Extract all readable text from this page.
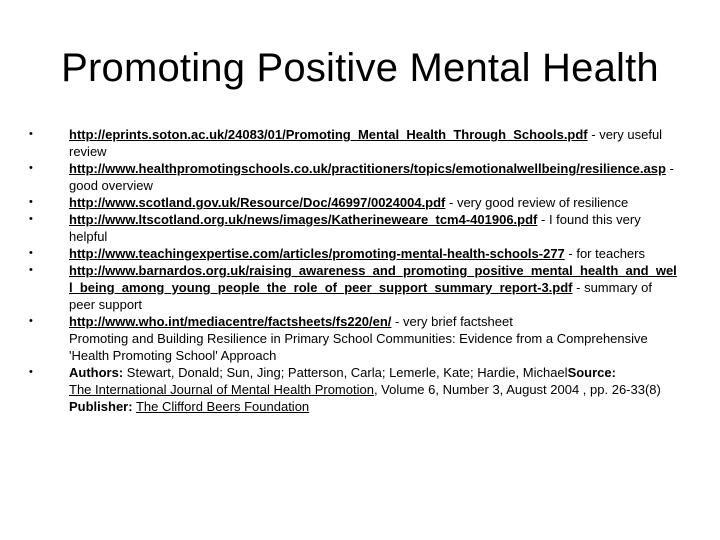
Promoting Positive Mental Health
•	http://eprints.soton.ac.uk/24083/01/Promoting_Mental_Health_Through_Schools.pdf - very useful review
•	http://www.healthpromotingschools.co.uk/practitioners/topics/emotionalwellbeing/resilience.asp - good overview
•	http://www.scotland.gov.uk/Resource/Doc/46997/0024004.pdf - very good review of resilience
•	http://www.ltscotland.org.uk/news/images/Katherineweare_tcm4-401906.pdf - I found this very helpful
•	http://www.teachingexpertise.com/articles/promoting-mental-health-schools-277 - for teachers
•	http://www.barnardos.org.uk/raising_awareness_and_promoting_positive_mental_health_and_well_being_among_young_people_the_role_of_peer_support_summary_report-3.pdf - summary of peer support
•	http://www.who.int/mediacentre/factsheets/fs220/en/ - very brief factsheet
Promoting and Building Resilience in Primary School Communities: Evidence from a Comprehensive 'Health Promoting School' Approach
•	Authors: Stewart, Donald; Sun, Jing; Patterson, Carla; Lemerle, Kate; Hardie, MichaelSource:
The International Journal of Mental Health Promotion, Volume 6, Number 3, August 2004 , pp. 26-33(8)
Publisher: The Clifford Beers Foundation
